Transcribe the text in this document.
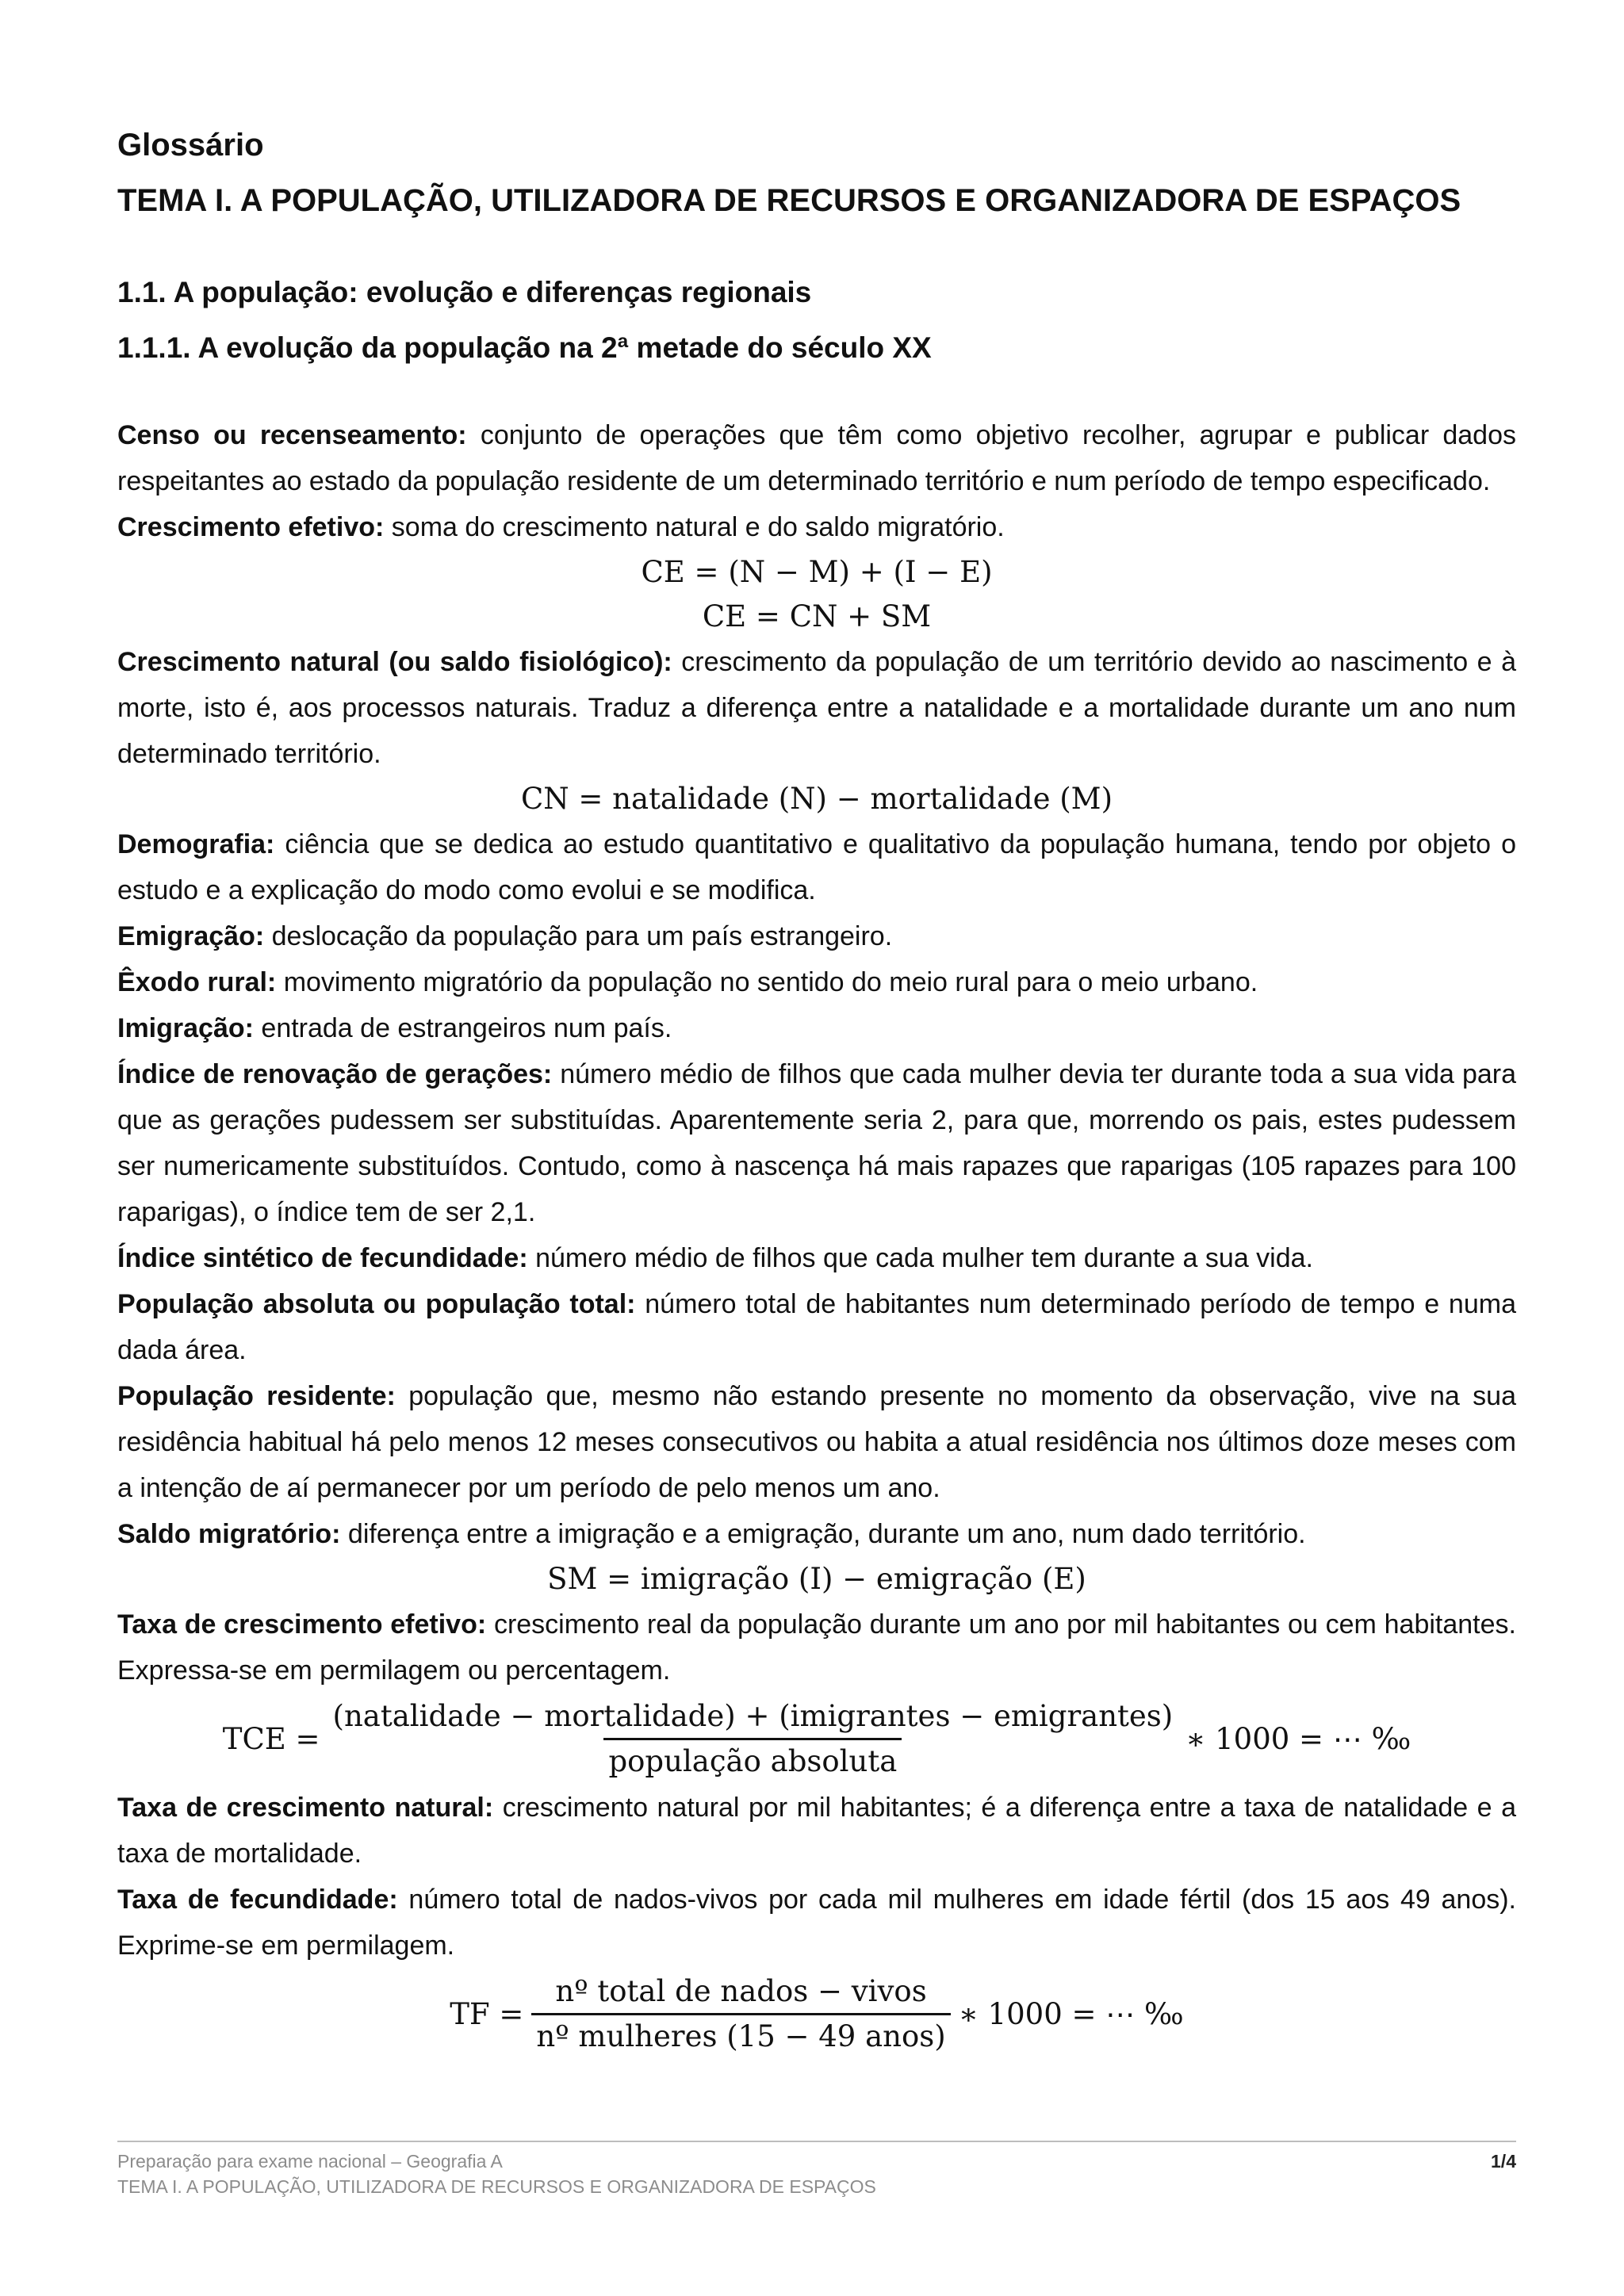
Glossário

TEMA I. A POPULAÇÃO, UTILIZADORA DE RECURSOS E ORGANIZADORA DE ESPAÇOS

1.1. A população: evolução e diferenças regionais

1.1.1. A evolução da população na 2ª metade do século XX

Censo ou recenseamento: conjunto de operações que têm como objetivo recolher, agrupar e publicar dados respeitantes ao estado da população residente de um determinado território e num período de tempo especificado.

Crescimento efetivo: soma do crescimento natural e do saldo migratório.

CE = (N − M) + (I − E)

CE = CN + SM

Crescimento natural (ou saldo fisiológico): crescimento da população de um território devido ao nascimento e à morte, isto é, aos processos naturais. Traduz a diferença entre a natalidade e a mortalidade durante um ano num determinado território.

CN = natalidade (N) − mortalidade (M)

Demografia: ciência que se dedica ao estudo quantitativo e qualitativo da população humana, tendo por objeto o estudo e a explicação do modo como evolui e se modifica.

Emigração: deslocação da população para um país estrangeiro.

Êxodo rural: movimento migratório da população no sentido do meio rural para o meio urbano.

Imigração: entrada de estrangeiros num país.

Índice de renovação de gerações: número médio de filhos que cada mulher devia ter durante toda a sua vida para que as gerações pudessem ser substituídas. Aparentemente seria 2, para que, morrendo os pais, estes pudessem ser numericamente substituídos. Contudo, como à nascença há mais rapazes que raparigas (105 rapazes para 100 raparigas), o índice tem de ser 2,1.

Índice sintético de fecundidade: número médio de filhos que cada mulher tem durante a sua vida.

População absoluta ou população total: número total de habitantes num determinado período de tempo e numa dada área.

População residente: população que, mesmo não estando presente no momento da observação, vive na sua residência habitual há pelo menos 12 meses consecutivos ou habita a atual residência nos últimos doze meses com a intenção de aí permanecer por um período de pelo menos um ano.

Saldo migratório: diferença entre a imigração e a emigração, durante um ano, num dado território.

SM = imigração (I) − emigração (E)

Taxa de crescimento efetivo: crescimento real da população durante um ano por mil habitantes ou cem habitantes. Expressa-se em permilagem ou percentagem.

TCE = $\frac{\text{(natalidade − mortalidade) + (imigrantes − emigrantes)}}{\text{população absoluta}}$ ∗ 1000 = ⋯ ‰

Taxa de crescimento natural: crescimento natural por mil habitantes; é a diferença entre a taxa de natalidade e a taxa de mortalidade.

Taxa de fecundidade: número total de nados-vivos por cada mil mulheres em idade fértil (dos 15 aos 49 anos). Exprime-se em permilagem.

TF = $\frac{\text{nº total de nados − vivos}}{\text{nº mulheres (15 − 49 anos)}}$ ∗ 1000 = ⋯ ‰
Preparação para exame nacional – Geografia A	1/4
TEMA I. A POPULAÇÃO, UTILIZADORA DE RECURSOS E ORGANIZADORA DE ESPAÇOS
